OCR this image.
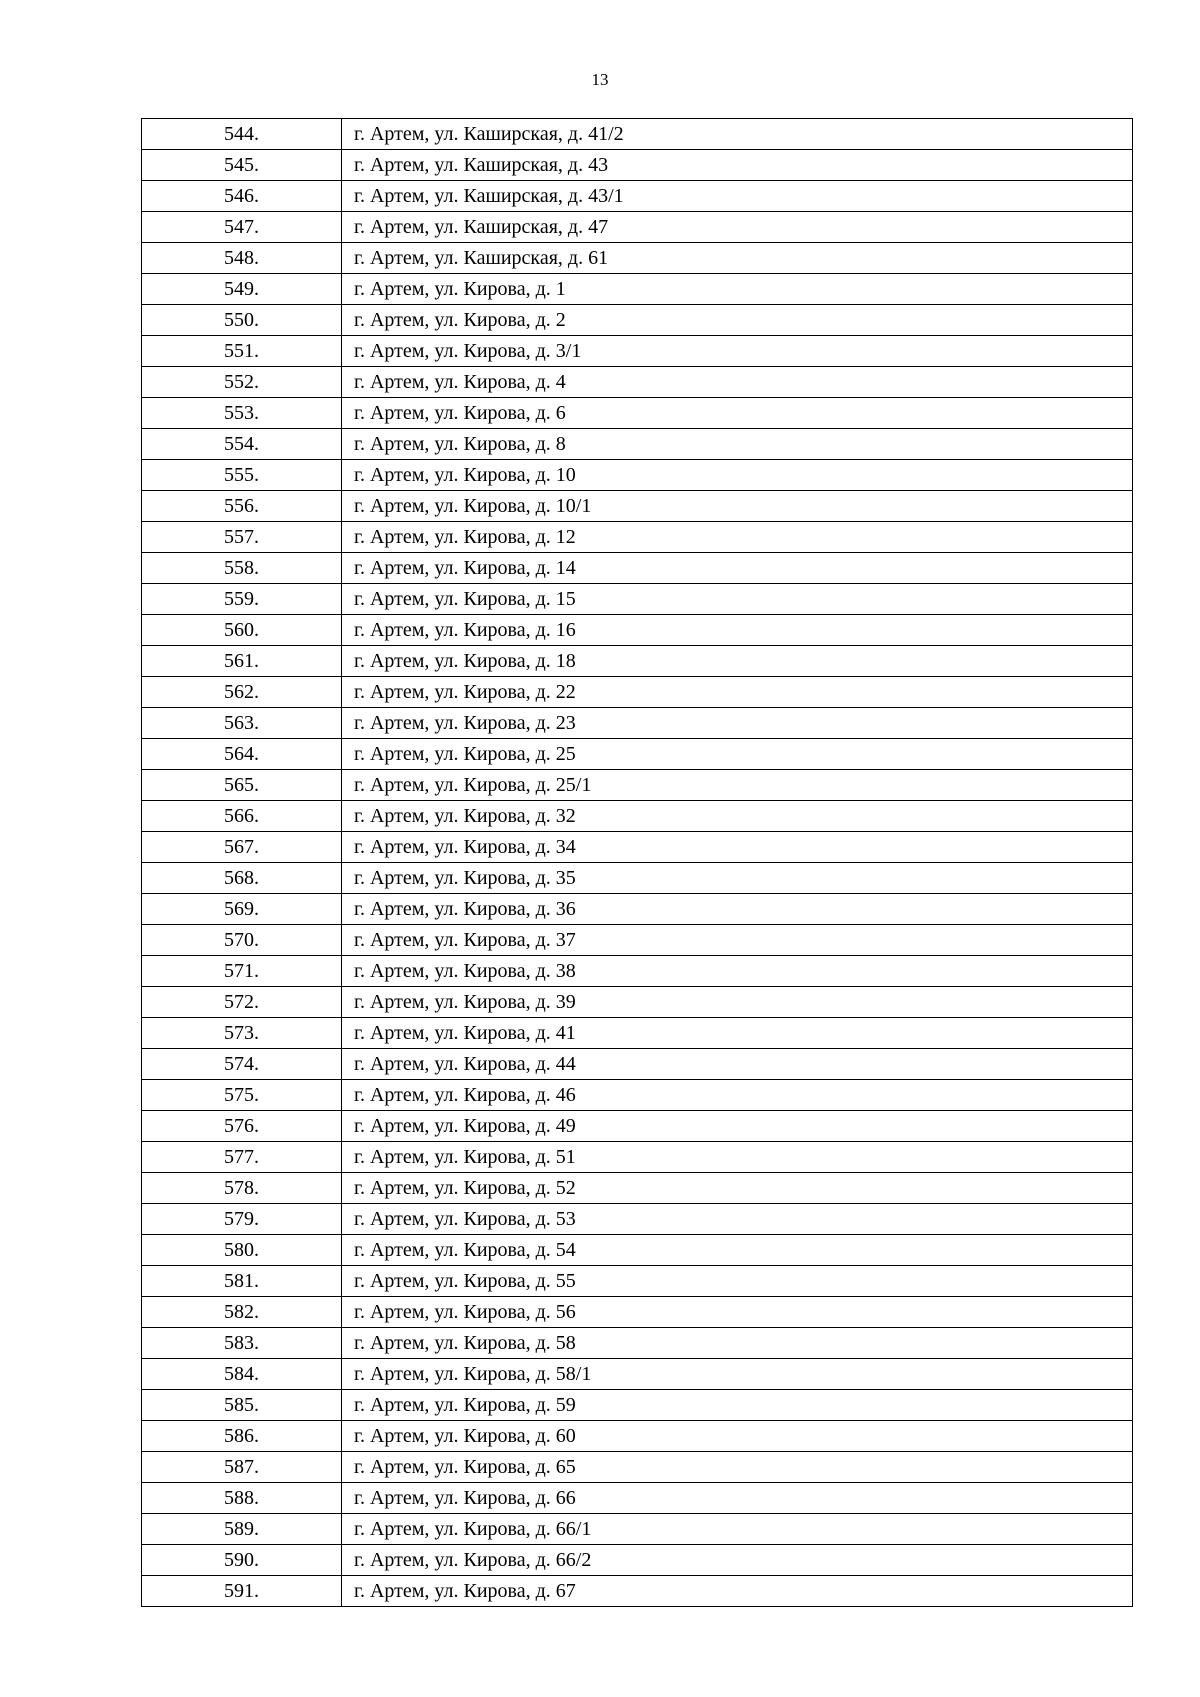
13
544.	г. Артем, ул. Каширская, д. 41/2
545.	г. Артем, ул. Каширская, д. 43
546.	г. Артем, ул. Каширская, д. 43/1
547.	г. Артем, ул. Каширская, д. 47
548.	г. Артем, ул. Каширская, д. 61
549.	г. Артем, ул. Кирова, д. 1
550.	г. Артем, ул. Кирова, д. 2
551.	г. Артем, ул. Кирова, д. 3/1
552.	г. Артем, ул. Кирова, д. 4
553.	г. Артем, ул. Кирова, д. 6
554.	г. Артем, ул. Кирова, д. 8
555.	г. Артем, ул. Кирова, д. 10
556.	г. Артем, ул. Кирова, д. 10/1
557.	г. Артем, ул. Кирова, д. 12
558.	г. Артем, ул. Кирова, д. 14
559.	г. Артем, ул. Кирова, д. 15
560.	г. Артем, ул. Кирова, д. 16
561.	г. Артем, ул. Кирова, д. 18
562.	г. Артем, ул. Кирова, д. 22
563.	г. Артем, ул. Кирова, д. 23
564.	г. Артем, ул. Кирова, д. 25
565.	г. Артем, ул. Кирова, д. 25/1
566.	г. Артем, ул. Кирова, д. 32
567.	г. Артем, ул. Кирова, д. 34
568.	г. Артем, ул. Кирова, д. 35
569.	г. Артем, ул. Кирова, д. 36
570.	г. Артем, ул. Кирова, д. 37
571.	г. Артем, ул. Кирова, д. 38
572.	г. Артем, ул. Кирова, д. 39
573.	г. Артем, ул. Кирова, д. 41
574.	г. Артем, ул. Кирова, д. 44
575.	г. Артем, ул. Кирова, д. 46
576.	г. Артем, ул. Кирова, д. 49
577.	г. Артем, ул. Кирова, д. 51
578.	г. Артем, ул. Кирова, д. 52
579.	г. Артем, ул. Кирова, д. 53
580.	г. Артем, ул. Кирова, д. 54
581.	г. Артем, ул. Кирова, д. 55
582.	г. Артем, ул. Кирова, д. 56
583.	г. Артем, ул. Кирова, д. 58
584.	г. Артем, ул. Кирова, д. 58/1
585.	г. Артем, ул. Кирова, д. 59
586.	г. Артем, ул. Кирова, д. 60
587.	г. Артем, ул. Кирова, д. 65
588.	г. Артем, ул. Кирова, д. 66
589.	г. Артем, ул. Кирова, д. 66/1
590.	г. Артем, ул. Кирова, д. 66/2
591.	г. Артем, ул. Кирова, д. 67
